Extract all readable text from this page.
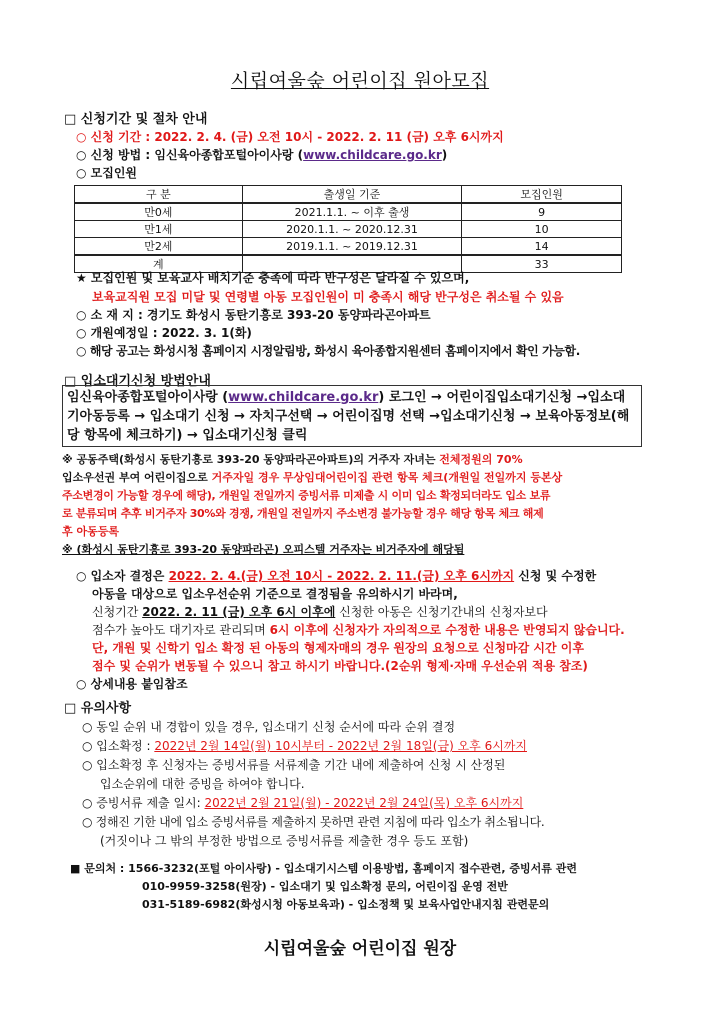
시립여울숲 어린이집 원아모집
□ 신청기간 및 절차 안내
○ 신청 기간 : 2022. 2. 4. (금) 오전 10시 - 2022. 2. 11 (금) 오후 6시까지
○ 신청 방법 : 임신육아종합포털아이사랑 (www.childcare.go.kr)
○ 모집인원
구 분	출생일 기준	모집인원
만0세	2021.1.1. ~ 이후 출생	9
만1세	2020.1.1. ~ 2020.12.31	10
만2세	2019.1.1. ~ 2019.12.31	14
계		33
★ 모집인원 및 보육교사 배치기준 충족에 따라 반구성은 달라질 수 있으며,
보육교직원 모집 미달 및 연령별 아동 모집인원이 미 충족시 해당 반구성은 취소될 수 있음
○ 소 재 지 : 경기도 화성시 동탄기흥로 393-20 동양파라곤아파트
○ 개원예정일 : 2022. 3. 1(화)
○ 해당 공고는 화성시청 홈페이지 시정알림방, 화성시 육아종합지원센터 홈페이지에서 확인 가능함.
□ 입소대기신청 방법안내
임신육아종합포털아이사랑 (www.childcare.go.kr) 로그인 → 어린이집입소대기신청 →입소대기아동등록 → 입소대기 신청 → 자치구선택 → 어린이집명 선택 →입소대기신청 → 보육아동정보(해당 항목에 체크하기) → 입소대기신청 클릭
※ 공동주택(화성시 동탄기흥로 393-20 동양파라곤아파트)의 거주자 자녀는 전체정원의 70%
입소우선권 부여 어린이집으로 거주자일 경우 무상임대어린이집 관련 항목 체크(개원일 전일까지 등본상
주소변경이 가능할 경우에 해당), 개원일 전일까지 증빙서류 미제출 시 이미 입소 확정되더라도 입소 보류
로 분류되며 추후 비거주자 30%와 경쟁, 개원일 전일까지 주소변경 불가능할 경우 해당 항목 체크 해제
후 아동등록
※ (화성시 동탄기흥로 393-20 동양파라곤) 오피스텔 거주자는 비거주자에 해당됨
○ 입소자 결정은 2022. 2. 4.(금) 오전 10시 - 2022. 2. 11.(금) 오후 6시까지 신청 및 수정한
아동을 대상으로 입소우선순위 기준으로 결정됨을 유의하시기 바라며,
신청기간 2022. 2. 11 (금) 오후 6시 이후에 신청한 아동은 신청기간내의 신청자보다
점수가 높아도 대기자로 관리되며 6시 이후에 신청자가 자의적으로 수정한 내용은 반영되지 않습니다.
단, 개원 및 신학기 입소 확정 된 아동의 형제자매의 경우 원장의 요청으로 신청마감 시간 이후
점수 및 순위가 변동될 수 있으니 참고 하시기 바랍니다.(2순위 형제·자매 우선순위 적용 참조)
○ 상세내용 붙임참조
□ 유의사항
○ 동일 순위 내 경합이 있을 경우, 입소대기 신청 순서에 따라 순위 결정
○ 입소확정 : 2022년 2월 14일(월) 10시부터 - 2022년 2월 18일(금) 오후 6시까지
○ 입소확정 후 신청자는 증빙서류를 서류제출 기간 내에 제출하여 신청 시 산정된
입소순위에 대한 증빙을 하여야 합니다.
○ 증빙서류 제출 일시: 2022년 2월 21일(월) - 2022년 2월 24일(목) 오후 6시까지
○ 정해진 기한 내에 입소 증빙서류를 제출하지 못하면 관련 지침에 따라 입소가 취소됩니다.
(거짓이나 그 밖의 부정한 방법으로 증빙서류를 제출한 경우 등도 포함)
■ 문의처 : 1566-3232(포털 아이사랑) - 입소대기시스템 이용방법, 홈페이지 접수관련, 증빙서류 관련
010-9959-3258(원장) - 입소대기 및 입소확정 문의, 어린이집 운영 전반
031-5189-6982(화성시청 아동보육과) - 입소정책 및 보육사업안내지침 관련문의
시립여울숲 어린이집 원장
